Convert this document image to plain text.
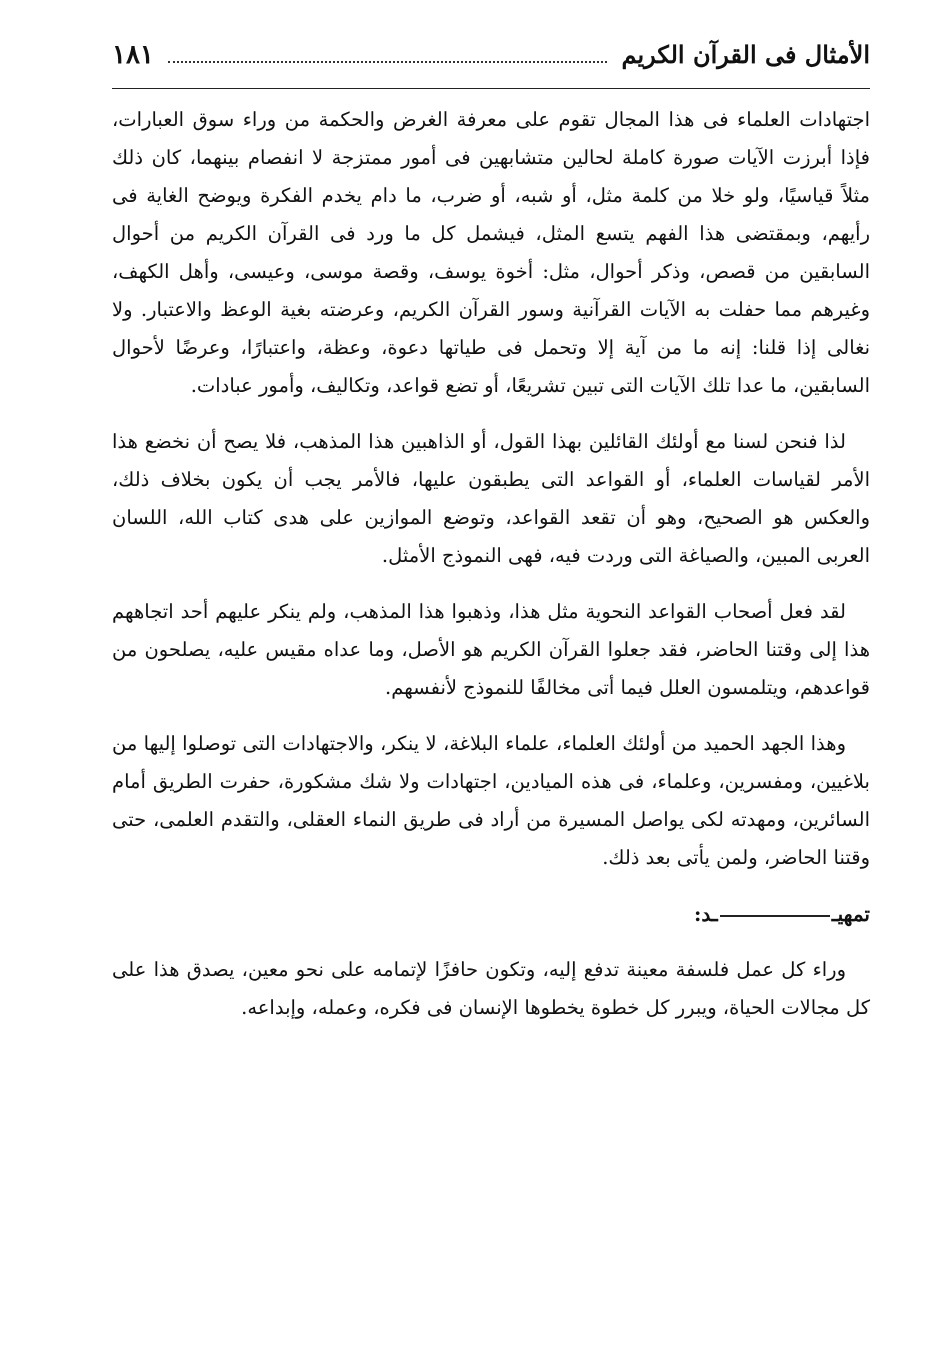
الأمثال فى القرآن الكريم
١٨١

اجتهادات العلماء فى هذا المجال تقوم على معرفة الغرض والحكمة من وراء سوق العبارات، فإذا أبرزت الآيات صورة كاملة لحالين متشابهين فى أمور ممتزجة لا انفصام بينهما، كان ذلك مثلاً قياسيًا، ولو خلا من كلمة مثل، أو شبه، أو ضرب، ما دام يخدم الفكرة ويوضح الغاية فى رأيهم، وبمقتضى هذا الفهم يتسع المثل، فيشمل كل ما ورد فى القرآن الكريم من أحوال السابقين من قصص، وذكر أحوال، مثل: أخوة يوسف، وقصة موسى، وعيسى، وأهل الكهف، وغيرهم مما حفلت به الآيات القرآنية وسور القرآن الكريم، وعرضته بغية الوعظ والاعتبار. ولا نغالى إذا قلنا: إنه ما من آية إلا وتحمل فى طياتها دعوة، وعظة، واعتبارًا، وعرضًا لأحوال السابقين، ما عدا تلك الآيات التى تبين تشريعًا، أو تضع قواعد، وتكاليف، وأمور عبادات.

لذا فنحن لسنا مع أولئك القائلين بهذا القول، أو الذاهبين هذا المذهب، فلا يصح أن نخضع هذا الأمر لقياسات العلماء، أو القواعد التى يطبقون عليها، فالأمر يجب أن يكون بخلاف ذلك، والعكس هو الصحيح، وهو أن تقعد القواعد، وتوضع الموازين على هدى كتاب الله، اللسان العربى المبين، والصياغة التى وردت فيه، فهى النموذج الأمثل.

لقد فعل أصحاب القواعد النحوية مثل هذا، وذهبوا هذا المذهب، ولم ينكر عليهم أحد اتجاههم هذا إلى وقتنا الحاضر، فقد جعلوا القرآن الكريم هو الأصل، وما عداه مقيس عليه، يصلحون من قواعدهم، ويتلمسون العلل فيما أتى مخالفًا للنموذج لأنفسهم.

وهذا الجهد الحميد من أولئك العلماء، علماء البلاغة، لا ينكر، والاجتهادات التى توصلوا إليها من بلاغيين، ومفسرين، وعلماء، فى هذه الميادين، اجتهادات ولا شك مشكورة، حفرت الطريق أمام السائرين، ومهدته لكى يواصل المسيرة من أراد فى طريق النماء العقلى، والتقدم العلمى، حتى وقتنا الحاضر، ولمن يأتى بعد ذلك.

تمهيــد:

وراء كل عمل فلسفة معينة تدفع إليه، وتكون حافزًا لإتمامه على نحو معين، يصدق هذا على كل مجالات الحياة، ويبرر كل خطوة يخطوها الإنسان فى فكره، وعمله، وإبداعه.
